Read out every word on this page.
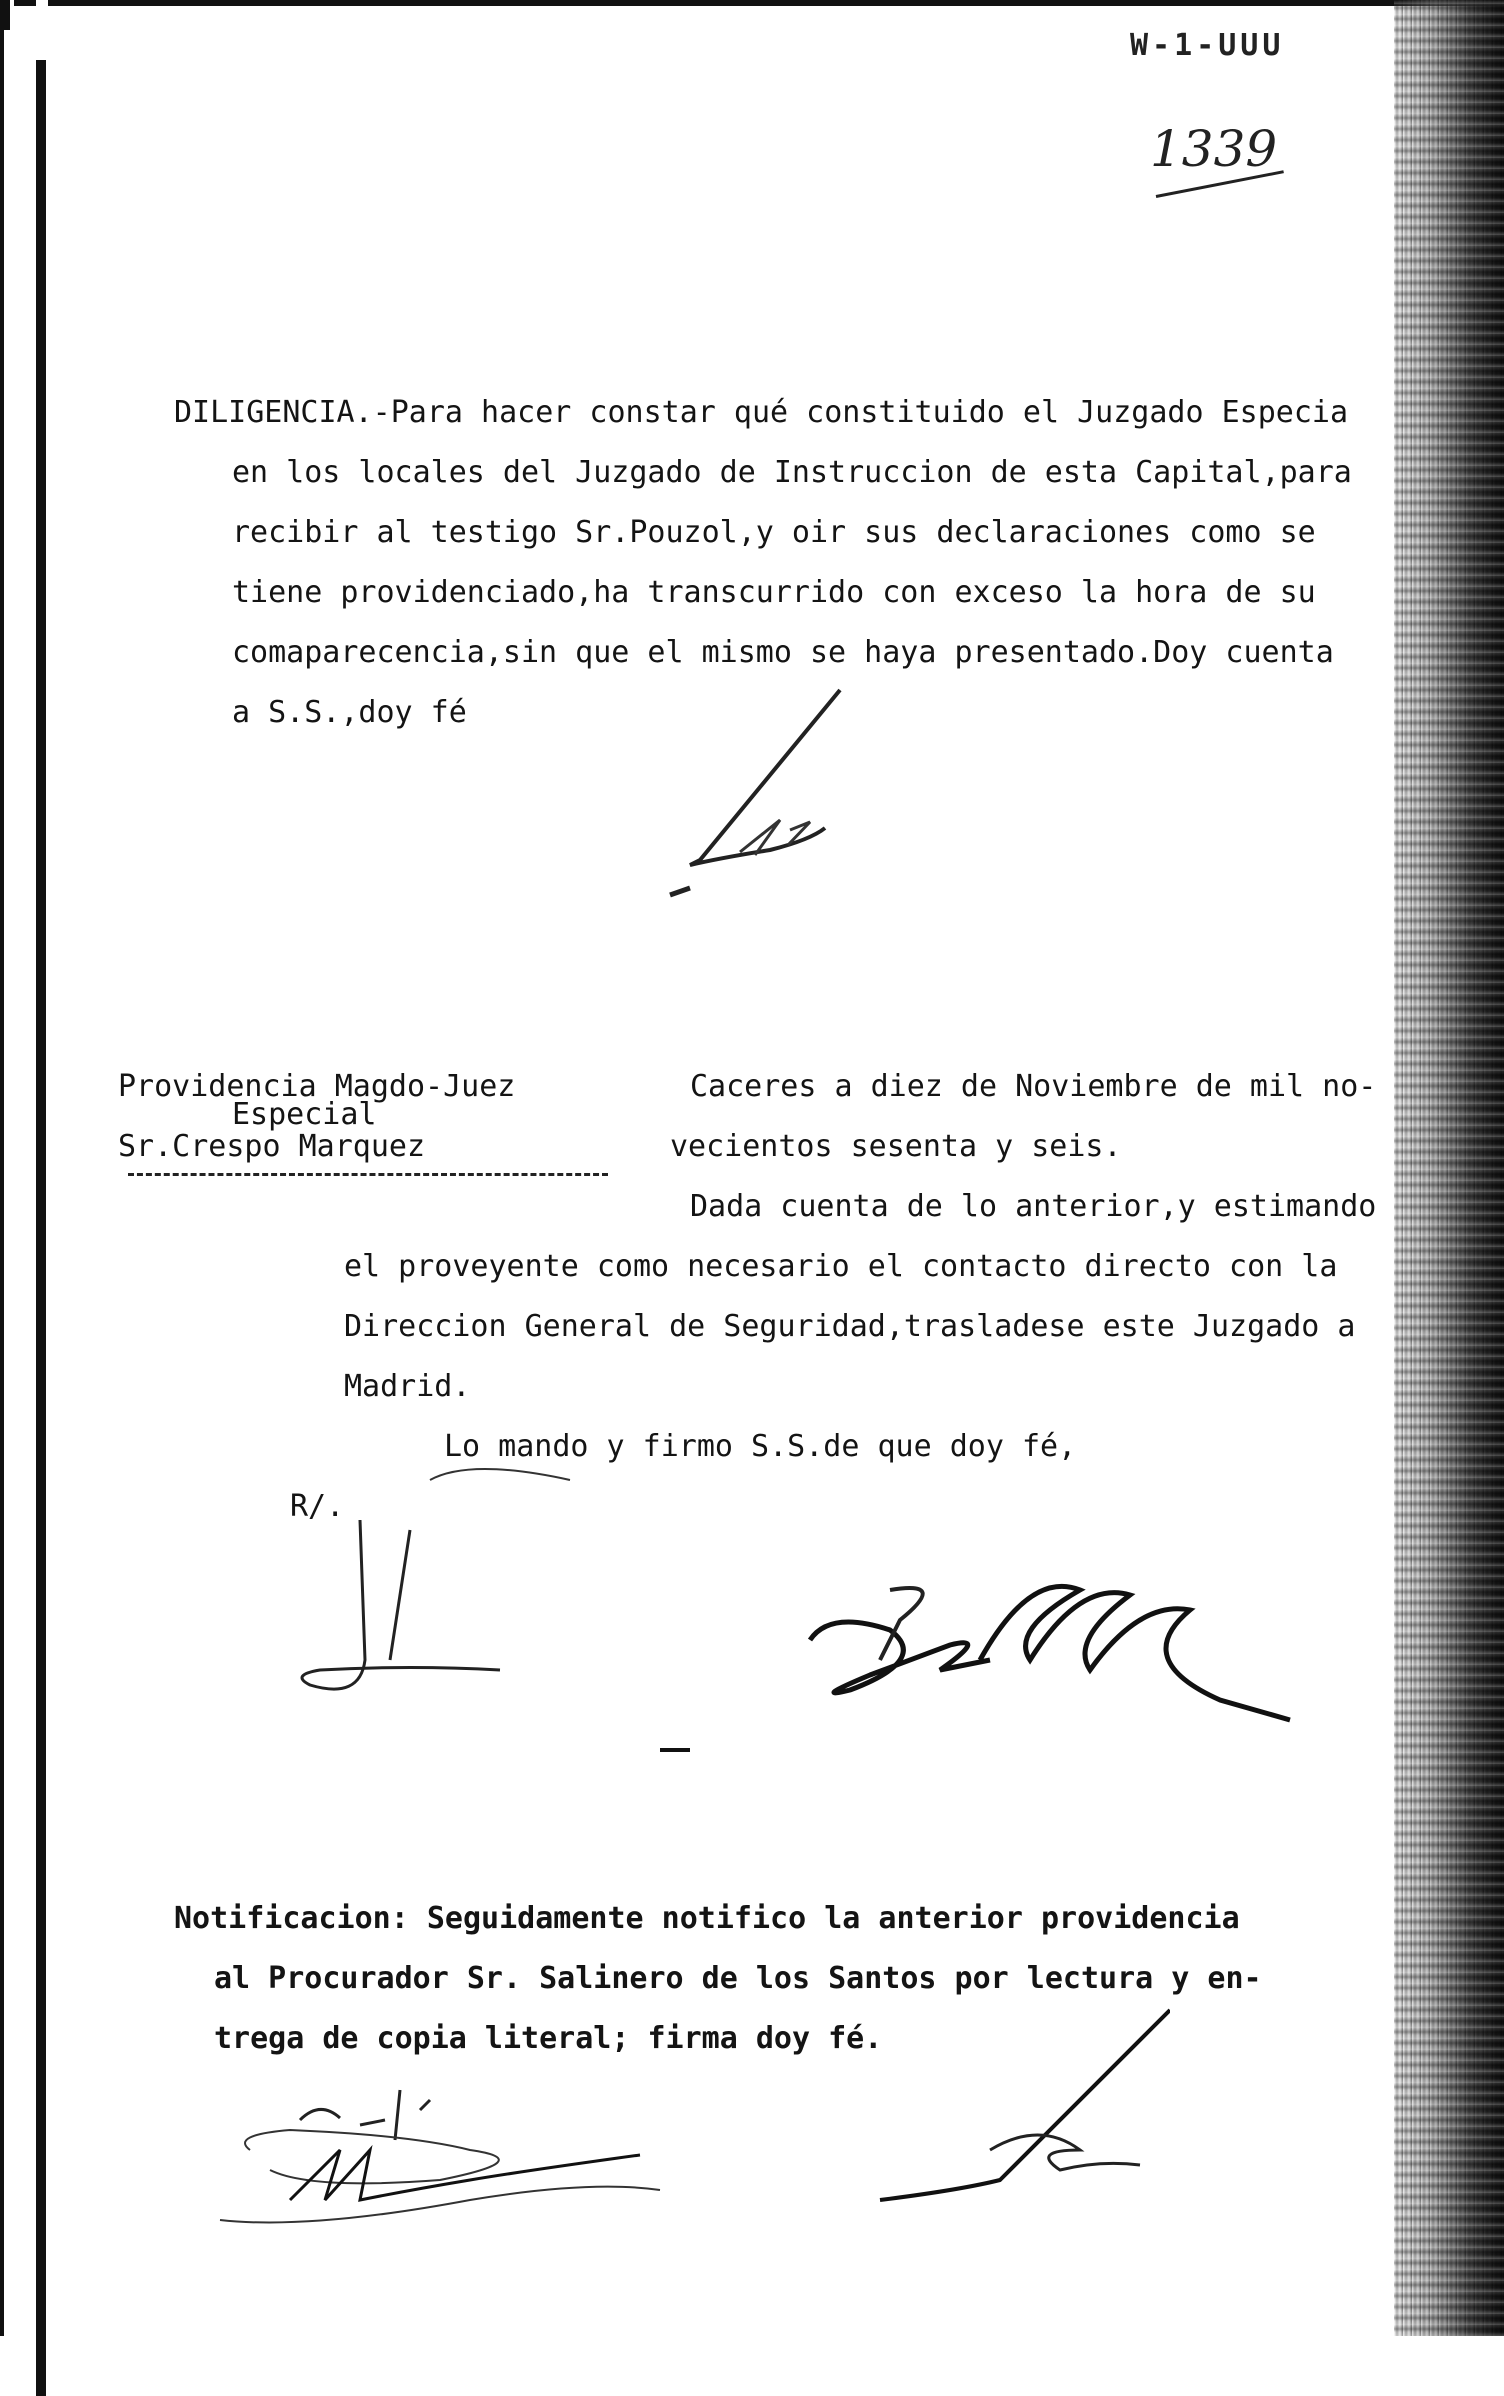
W-1-UUU
1339
DILIGENCIA.-Para hacer constar qué constituido el Juzgado Especia
en los locales del Juzgado de Instruccion de esta Capital,para
recibir al testigo Sr.Pouzol,y oir sus declaraciones como se
tiene providenciado,ha transcurrido con exceso la hora de su
comaparecencia,sin que el mismo se haya presentado.Doy cuenta
a S.S.,doy fé
Providencia Magdo-Juez
Especial
Sr.Crespo Marquez
Caceres a diez de Noviembre de mil no-
vecientos sesenta y seis.
Dada cuenta de lo anterior,y estimando
el proveyente como necesario el contacto directo con la
Direccion General de Seguridad,trasladese este Juzgado a
Madrid.
Lo mando y firmo S.S.de que doy fé,
R/.
Notificacion: Seguidamente notifico la anterior providencia
al Procurador Sr. Salinero de los Santos por lectura y en-
trega de copia literal; firma doy fé.
